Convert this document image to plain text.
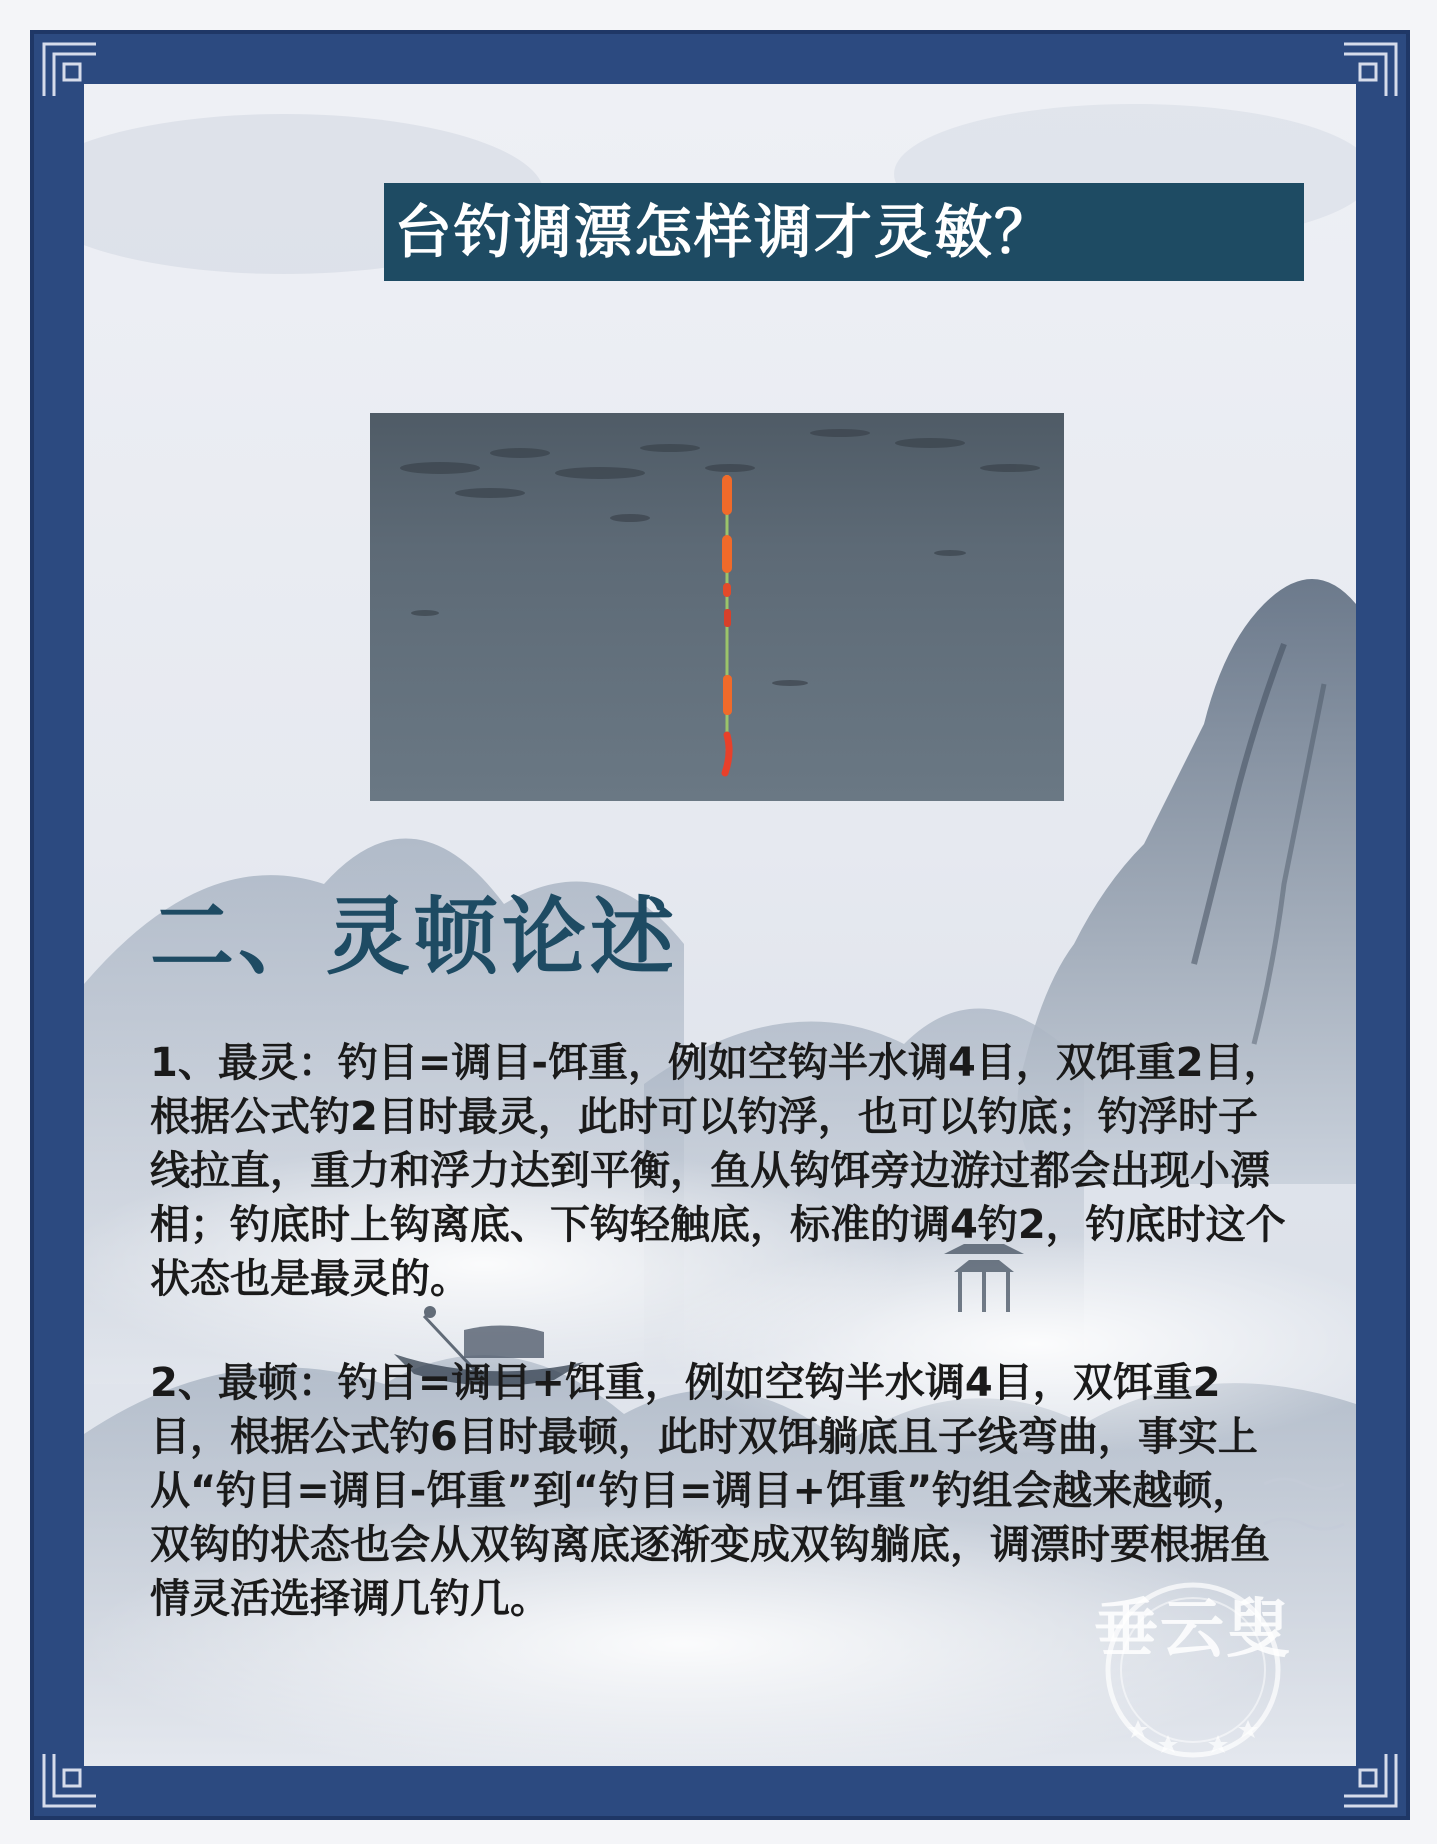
台钓调漂怎样调才灵敏？
二、灵顿论述

1、最灵：钓目=调目-饵重，例如空钩半水调4目，双饵重2目，根据公式钓2目时最灵，此时可以钓浮，也可以钓底；钓浮时子线拉直，重力和浮力达到平衡，鱼从钩饵旁边游过都会出现小漂相；钓底时上钩离底、下钩轻触底，标准的调4钓2，钓底时这个状态也是最灵的。

2、最顿：钓目=调目+饵重，例如空钩半水调4目，双饵重2目，根据公式钓6目时最顿，此时双饵躺底且子线弯曲，事实上从“钓目=调目-饵重”到“钓目=调目+饵重”钓组会越来越顿，双钩的状态也会从双钩离底逐渐变成双钩躺底，调漂时要根据鱼情灵活选择调几钓几。	垂云叟
